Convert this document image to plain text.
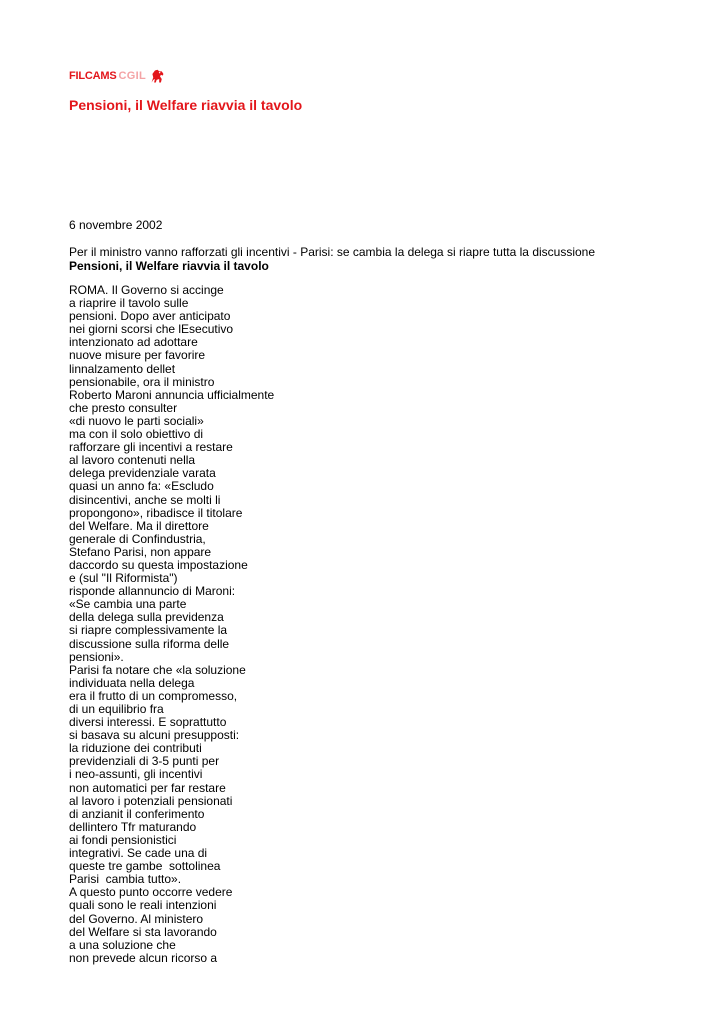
FILCAMS CGIL
Pensioni, il Welfare riavvia il tavolo
6 novembre 2002
Per il ministro vanno rafforzati gli incentivi - Parisi: se cambia la delega si riapre tutta la discussione
Pensioni, il Welfare riavvia il tavolo
ROMA. Il Governo si accinge
a riaprire il tavolo sulle
pensioni. Dopo aver anticipato
nei giorni scorsi che lEsecutivo
intenzionato ad adottare
nuove misure per favorire
linnalzamento dellet
pensionabile, ora il ministro
Roberto Maroni annuncia ufficialmente
che presto consulter
«di nuovo le parti sociali»
ma con il solo obiettivo di
rafforzare gli incentivi a restare
al lavoro contenuti nella
delega previdenziale varata
quasi un anno fa: «Escludo
disincentivi, anche se molti li
propongono», ribadisce il titolare
del Welfare. Ma il direttore
generale di Confindustria,
Stefano Parisi, non appare
daccordo su questa impostazione
e (sul "Il Riformista")
risponde allannuncio di Maroni:
«Se cambia una parte
della delega sulla previdenza
si riapre complessivamente la
discussione sulla riforma delle
pensioni».
Parisi fa notare che «la soluzione
individuata nella delega
era il frutto di un compromesso,
di un equilibrio fra
diversi interessi. E soprattutto
si basava su alcuni presupposti:
la riduzione dei contributi
previdenziali di 3-5 punti per
i neo-assunti, gli incentivi
non automatici per far restare
al lavoro i potenziali pensionati
di anzianit il conferimento
dellintero Tfr maturando
ai fondi pensionistici
integrativi. Se cade una di
queste tre gambe  sottolinea
Parisi  cambia tutto».
A questo punto occorre vedere
quali sono le reali intenzioni
del Governo. Al ministero
del Welfare si sta lavorando
a una soluzione che
non prevede alcun ricorso a
